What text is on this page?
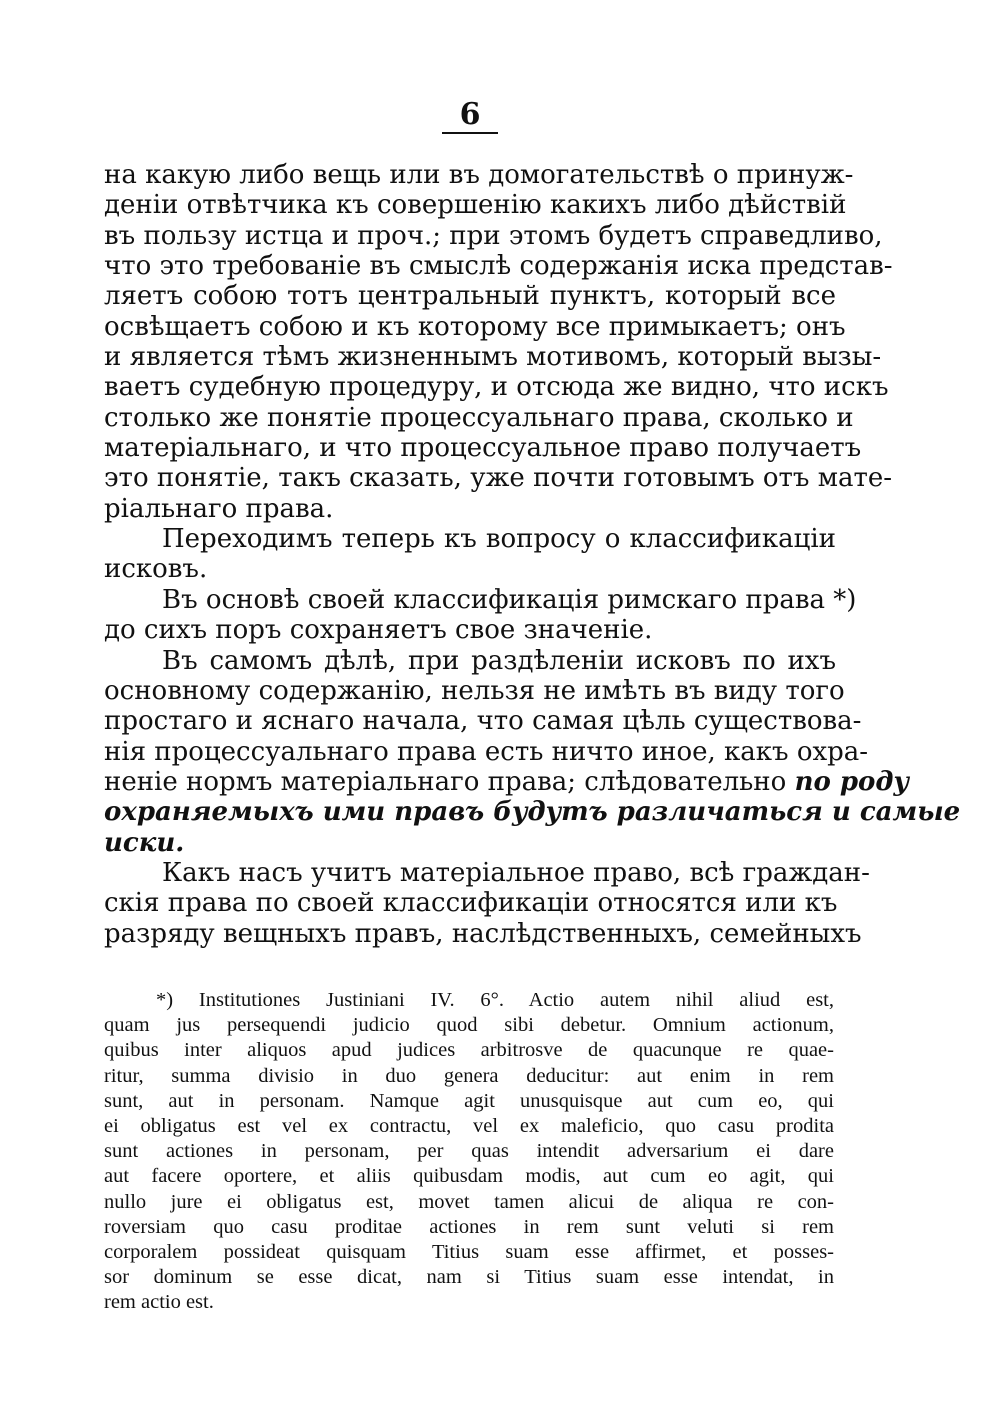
6
на какую либо вещь или въ домогательствѣ о принуж-
деніи отвѣтчика къ совершенію какихъ либо дѣйствій
въ пользу истца и проч.; при этомъ будетъ справедливо,
что это требованіе въ смыслѣ содержанія иска представ-
ляетъ собою тотъ центральный пунктъ, который все
освѣщаетъ собою и къ которому все примыкаетъ; онъ
и является тѣмъ жизненнымъ мотивомъ, который вызы-
ваетъ судебную процедуру, и отсюда же видно, что искъ
столько же понятіе процессуальнаго права, сколько и
матеріальнаго, и что процессуальное право получаетъ
это понятіе, такъ сказать, уже почти готовымъ отъ мате-
ріальнаго права.
Переходимъ теперь къ вопросу о классификаціи
исковъ.
Въ основѣ своей классификація римскаго права *)
до сихъ поръ сохраняетъ свое значеніе.
Въ самомъ дѣлѣ, при раздѣленіи исковъ по ихъ
основному содержанію, нельзя не имѣть въ виду того
простаго и яснаго начала, что самая цѣль существова-
нія процессуальнаго права есть ничто иное, какъ охра-
неніе нормъ матеріальнаго права; слѣдовательно по роду
охраняемыхъ ими правъ будутъ различаться и самые
иски.
Какъ насъ учитъ матеріальное право, всѣ граждан-
скія права по своей классификаціи относятся или къ
разряду вещныхъ правъ, наслѣдственныхъ, семейныхъ
*) Institutiones Justiniani IV. 6°. Actio autem nihil aliud est,
quam jus persequendi judicio quod sibi debetur. Omnium actionum,
quibus inter aliquos apud judices arbitrosve de quacunque re quae-
ritur, summa divisio in duo genera deducitur: aut enim in rem
sunt, aut in personam. Namque agit unusquisque aut cum eo, qui
ei obligatus est vel ex contractu, vel ex maleficio, quo casu prodita
sunt actiones in personam, per quas intendit adversarium ei dare
aut facere oportere, et aliis quibusdam modis, aut cum eo agit, qui
nullo jure ei obligatus est, movet tamen alicui de aliqua re con-
roversiam quo casu proditae actiones in rem sunt veluti si rem
corporalem possideat quisquam Titius suam esse affirmet, et posses-
sor dominum se esse dicat, nam si Titius suam esse intendat, in
rem actio est.
